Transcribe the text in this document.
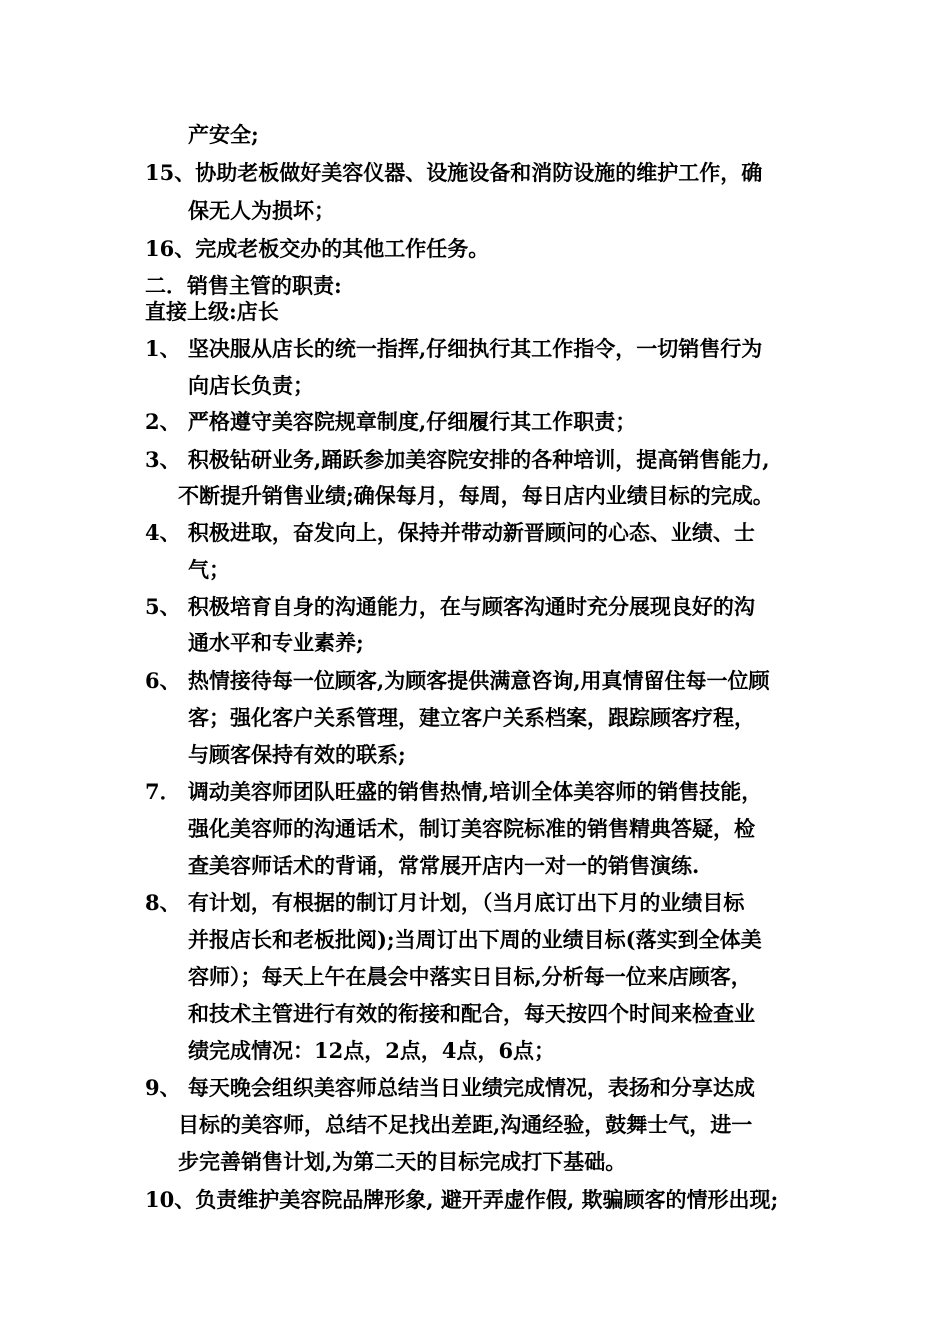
产安全;
15、协助老板做好美容仪器、设施设备和消防设施的维护工作，确
保无人为损坏；
16、完成老板交办的其他工作任务。
二．销售主管的职责:
直接上级:店长
1、 坚决服从店长的统一指挥,仔细执行其工作指令，一切销售行为
向店长负责；
2、 严格遵守美容院规章制度,仔细履行其工作职责；
3、 积极钻研业务,踊跃参加美容院安排的各种培训，提高销售能力,
不断提升销售业绩;确保每月，每周，每日店内业绩目标的完成。
4、 积极进取，奋发向上，保持并带动新晋顾问的心态、业绩、士
气；
5、 积极培育自身的沟通能力，在与顾客沟通时充分展现良好的沟
通水平和专业素养;
6、 热情接待每一位顾客,为顾客提供满意咨询,用真情留住每一位顾
客；强化客户关系管理，建立客户关系档案，跟踪顾客疗程，
与顾客保持有效的联系;
7． 调动美容师团队旺盛的销售热情,培训全体美容师的销售技能，
强化美容师的沟通话术，制订美容院标准的销售精典答疑，检
查美容师话术的背诵，常常展开店内一对一的销售演练.
8、 有计划，有根据的制订月计划，（当月底订出下月的业绩目标
并报店长和老板批阅);当周订出下周的业绩目标(落实到全体美
容师）；每天上午在晨会中落实日目标,分析每一位来店顾客，
和技术主管进行有效的衔接和配合，每天按四个时间来检查业
绩完成情况：12点，2点，4点，6点；
9、 每天晚会组织美容师总结当日业绩完成情况，表扬和分享达成
目标的美容师，总结不足找出差距,沟通经验，鼓舞士气，进一
步完善销售计划,为第二天的目标完成打下基础。
10、负责维护美容院品牌形象, 避开弄虚作假, 欺骗顾客的情形出现;
